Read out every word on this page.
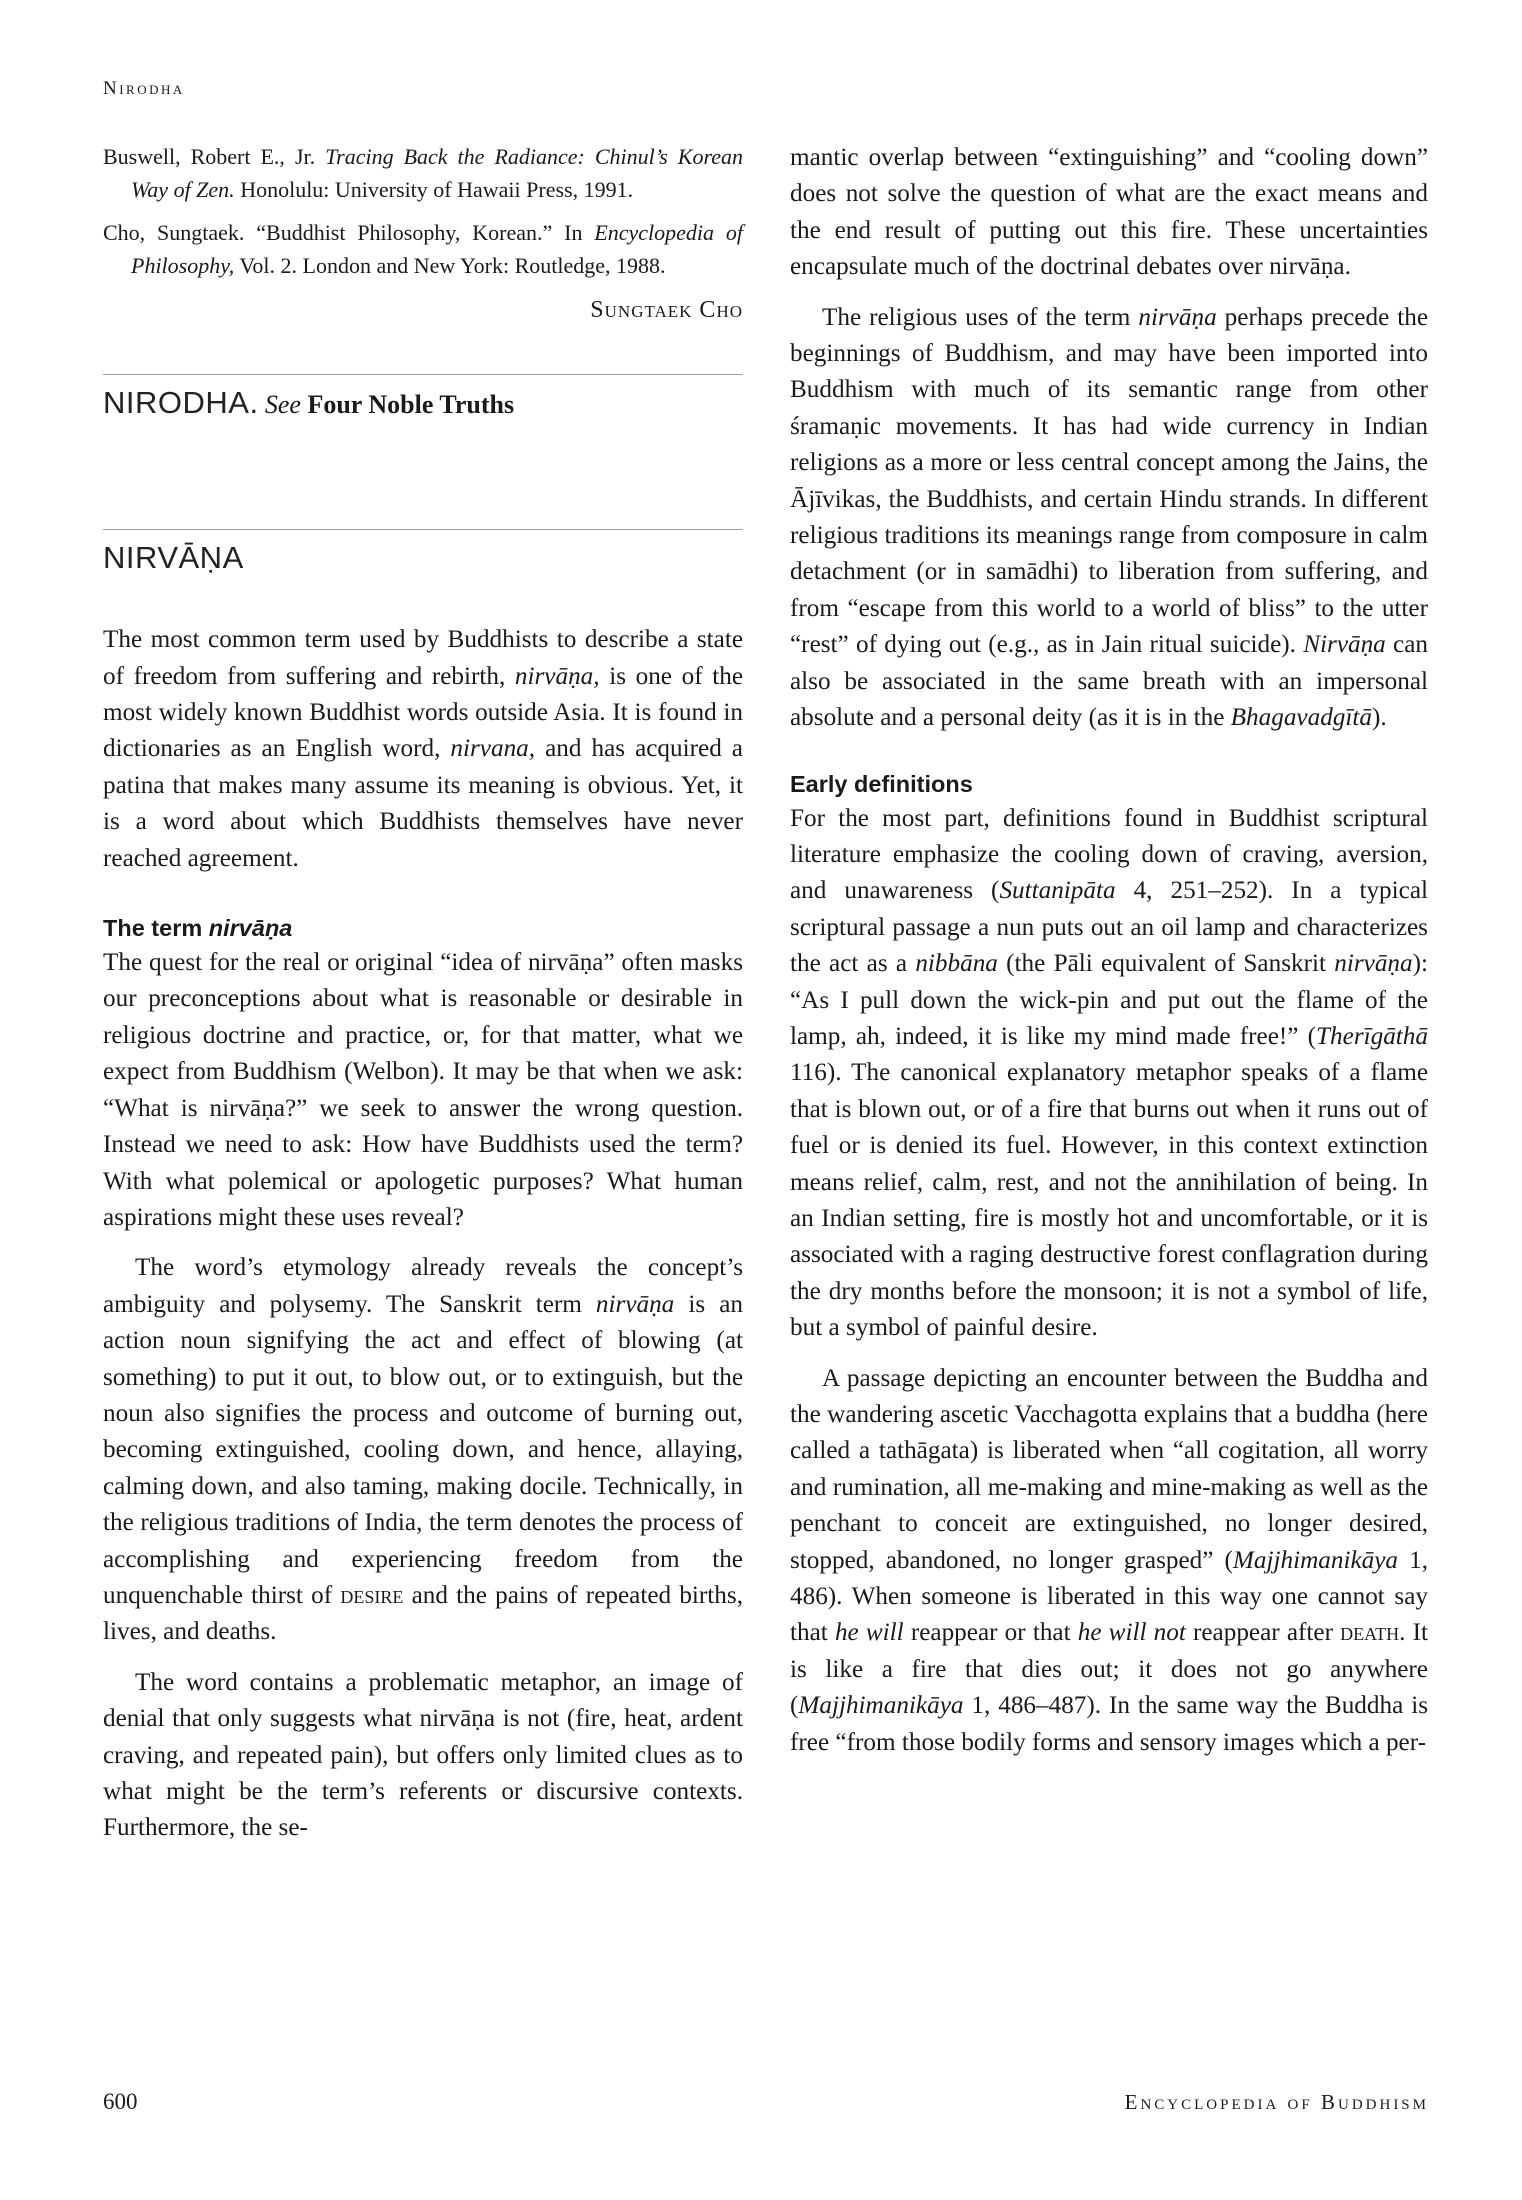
Nirodha
Buswell, Robert E., Jr. Tracing Back the Radiance: Chinul’s Korean Way of Zen. Honolulu: University of Hawaii Press, 1991.
Cho, Sungtaek. “Buddhist Philosophy, Korean.” In Encyclopedia of Philosophy, Vol. 2. London and New York: Routledge, 1988.
Sungtaek Cho
NIRODHA. See Four Noble Truths
NIRVĀṆA

The most common term used by Buddhists to describe a state of freedom from suffering and rebirth, nirvāṇa, is one of the most widely known Buddhist words outside Asia. It is found in dictionaries as an English word, nirvana, and has acquired a patina that makes many assume its meaning is obvious. Yet, it is a word about which Buddhists themselves have never reached agreement.

The term nirvāṇa

The quest for the real or original “idea of nirvāṇa” often masks our preconceptions about what is reasonable or desirable in religious doctrine and practice, or, for that matter, what we expect from Buddhism (Welbon). It may be that when we ask: “What is nirvāṇa?” we seek to answer the wrong question. Instead we need to ask: How have Buddhists used the term? With what polemical or apologetic purposes? What human aspirations might these uses reveal?

The word’s etymology already reveals the concept’s ambiguity and polysemy. The Sanskrit term nirvāṇa is an action noun signifying the act and effect of blowing (at something) to put it out, to blow out, or to extinguish, but the noun also signifies the process and outcome of burning out, becoming extinguished, cooling down, and hence, allaying, calming down, and also taming, making docile. Technically, in the religious traditions of India, the term denotes the process of accomplishing and experiencing freedom from the unquenchable thirst of desire and the pains of repeated births, lives, and deaths.

The word contains a problematic metaphor, an image of denial that only suggests what nirvāṇa is not (fire, heat, ardent craving, and repeated pain), but offers only limited clues as to what might be the term’s referents or discursive contexts. Furthermore, the se-

mantic overlap between “extinguishing” and “cooling down” does not solve the question of what are the exact means and the end result of putting out this fire. These uncertainties encapsulate much of the doctrinal debates over nirvāṇa.

The religious uses of the term nirvāṇa perhaps precede the beginnings of Buddhism, and may have been imported into Buddhism with much of its semantic range from other śramaṇic movements. It has had wide currency in Indian religions as a more or less central concept among the Jains, the Ājīvikas, the Buddhists, and certain Hindu strands. In different religious traditions its meanings range from composure in calm detachment (or in samādhi) to liberation from suffering, and from “escape from this world to a world of bliss” to the utter “rest” of dying out (e.g., as in Jain ritual suicide). Nirvāṇa can also be associated in the same breath with an impersonal absolute and a personal deity (as it is in the Bhagavadgītā).

Early definitions

For the most part, definitions found in Buddhist scriptural literature emphasize the cooling down of craving, aversion, and unawareness (Suttanipāta 4, 251–252). In a typical scriptural passage a nun puts out an oil lamp and characterizes the act as a nibbāna (the Pāli equivalent of Sanskrit nirvāṇa): “As I pull down the wick-pin and put out the flame of the lamp, ah, indeed, it is like my mind made free!” (Therīgāthā 116). The canonical explanatory metaphor speaks of a flame that is blown out, or of a fire that burns out when it runs out of fuel or is denied its fuel. However, in this context extinction means relief, calm, rest, and not the annihilation of being. In an Indian setting, fire is mostly hot and uncomfortable, or it is associated with a raging destructive forest conflagration during the dry months before the monsoon; it is not a symbol of life, but a symbol of painful desire.

A passage depicting an encounter between the Buddha and the wandering ascetic Vacchagotta explains that a buddha (here called a tathāgata) is liberated when “all cogitation, all worry and rumination, all me-making and mine-making as well as the penchant to conceit are extinguished, no longer desired, stopped, abandoned, no longer grasped” (Majjhimanikāya 1, 486). When someone is liberated in this way one cannot say that he will reappear or that he will not reappear after death. It is like a fire that dies out; it does not go anywhere (Majjhimanikāya 1, 486–487). In the same way the Buddha is free “from those bodily forms and sensory images which a per-

600	Encyclopedia of Buddhism
